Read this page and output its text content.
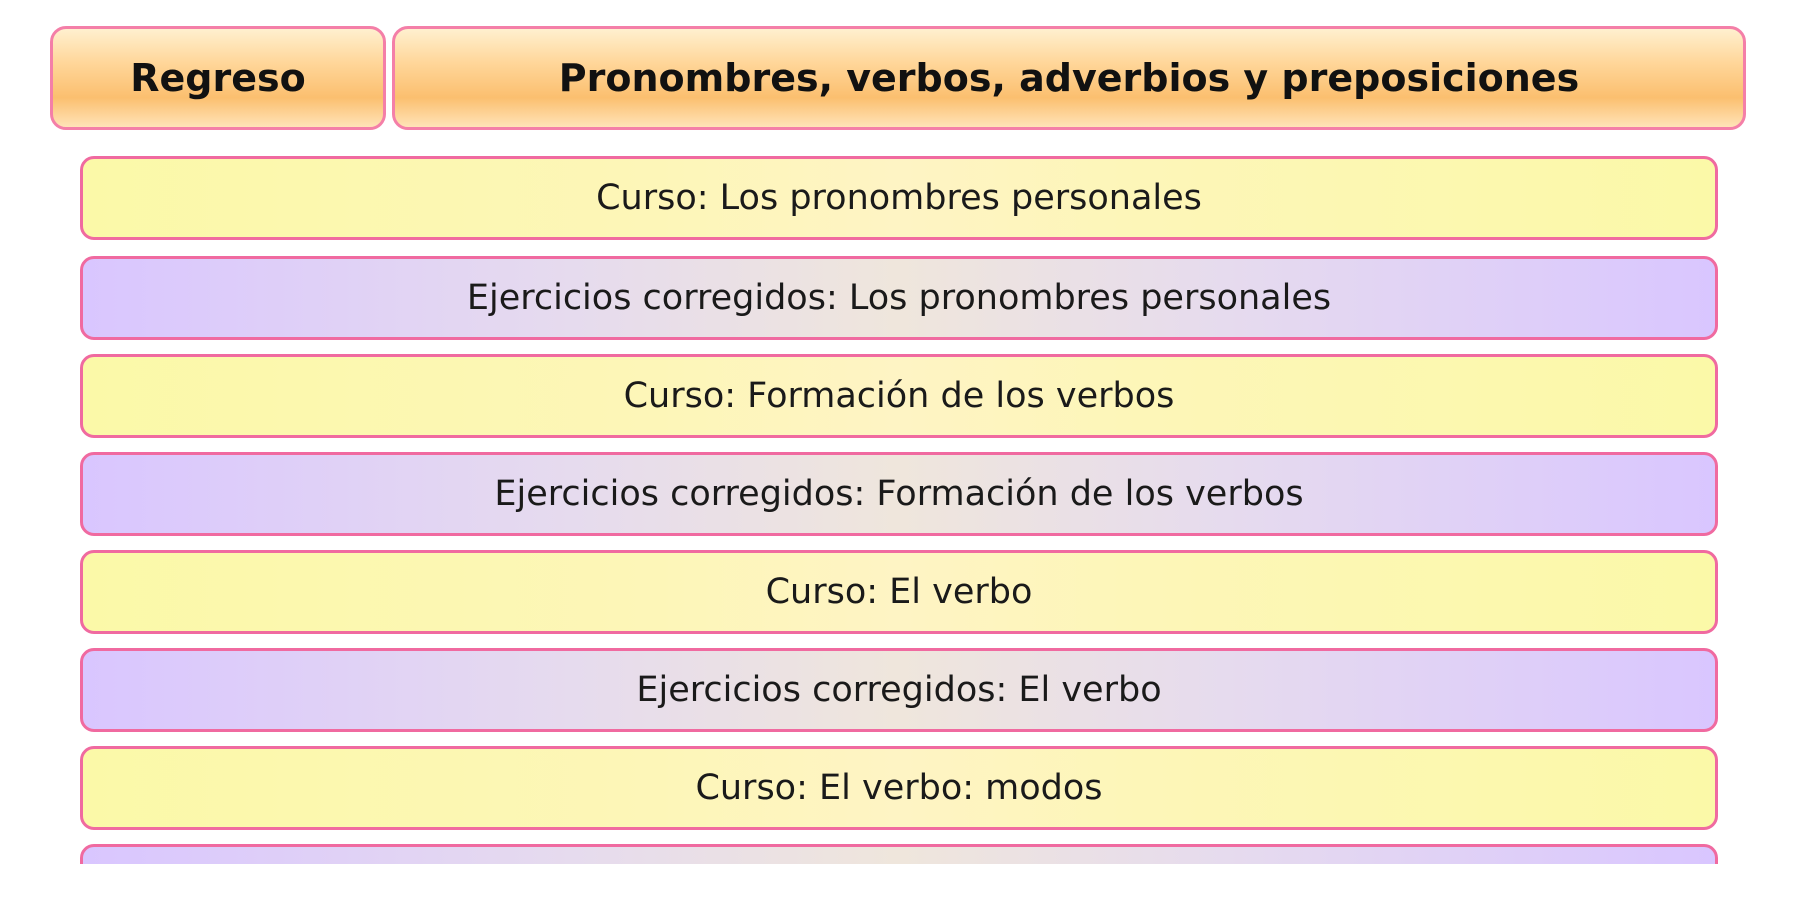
Regreso	Pronombres, verbos, adverbios y preposiciones
Curso: Los pronombres personales
Ejercicios corregidos: Los pronombres personales
Curso: Formación de los verbos
Ejercicios corregidos: Formación de los verbos
Curso: El verbo
Ejercicios corregidos: El verbo
Curso: El verbo: modos
